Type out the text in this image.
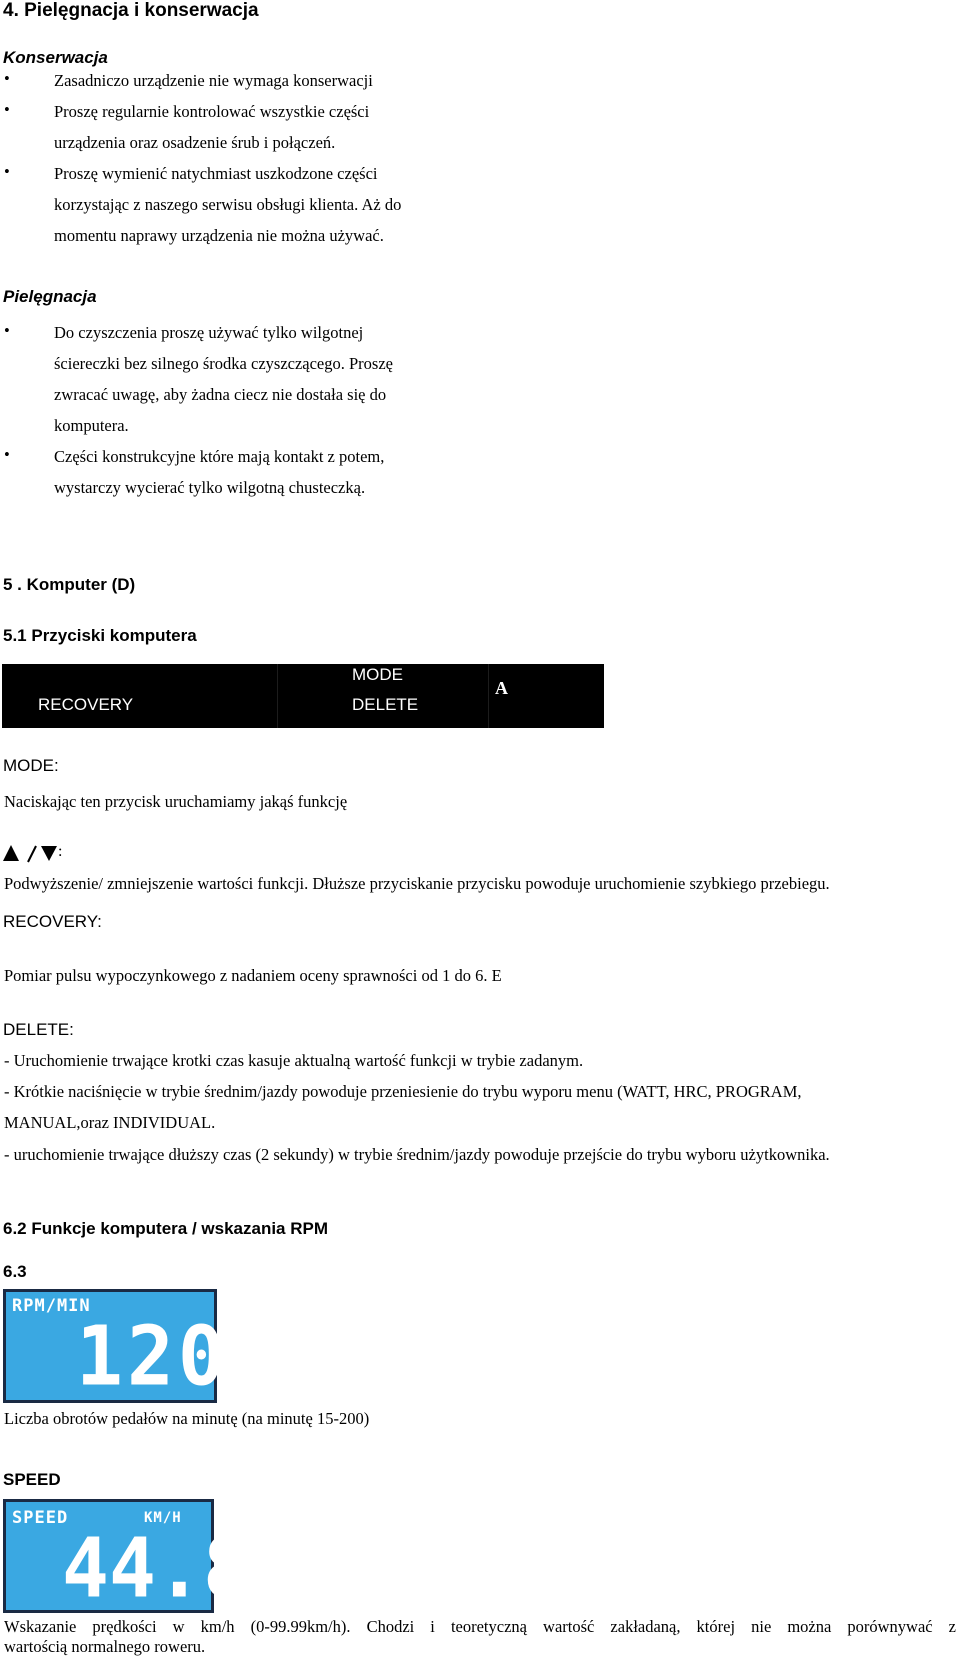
4. Pielęgnacja i konserwacja
Konserwacja
•	Zasadniczo urządzenie nie wymaga konserwacji
•	Proszę regularnie kontrolować wszystkie części
urządzenia oraz osadzenie śrub i połączeń.
•	Proszę wymienić natychmiast uszkodzone części
korzystając z naszego serwisu obsługi klienta. Aż do
momentu naprawy urządzenia nie można używać.
Pielęgnacja
•	Do czyszczenia proszę używać tylko wilgotnej
ściereczki bez silnego środka czyszczącego. Proszę
zwracać uwagę, aby żadna ciecz nie dostała się do
komputera.
•	Części konstrukcyjne które mają kontakt z potem,
wystarczy wycierać tylko wilgotną chusteczką.
5 . Komputer (D)
5.1 Przyciski komputera
RECOVERY
MODE
DELETE
A
V
MODE:
Naciskając ten przycisk uruchamiamy jakąś funkcję
:
Podwyższenie/ zmniejszenie wartości funkcji. Dłuższe przyciskanie przycisku powoduje uruchomienie szybkiego przebiegu.
RECOVERY:
Pomiar pulsu wypoczynkowego z nadaniem oceny sprawności od 1 do 6. E
DELETE:
- Uruchomienie trwające krotki czas kasuje aktualną wartość funkcji w trybie zadanym.
- Krótkie naciśnięcie w trybie średnim/jazdy powoduje przeniesienie do trybu wyporu menu (WATT, HRC, PROGRAM,
MANUAL,oraz INDIVIDUAL.
- uruchomienie trwające dłuższy czas (2 sekundy) w trybie średnim/jazdy powoduje przejście do trybu wyboru użytkownika.
6.2 Funkcje komputera / wskazania RPM
6.3
RPM/MIN
120
Liczba obrotów pedałów na minutę (na minutę 15-200)
SPEED
SPEED	KM/H
44.8
Wskazanie prędkości w km/h (0-99.99km/h). Chodzi i teoretyczną wartość zakładaną, której nie można porównywać z
wartością normalnego roweru.
